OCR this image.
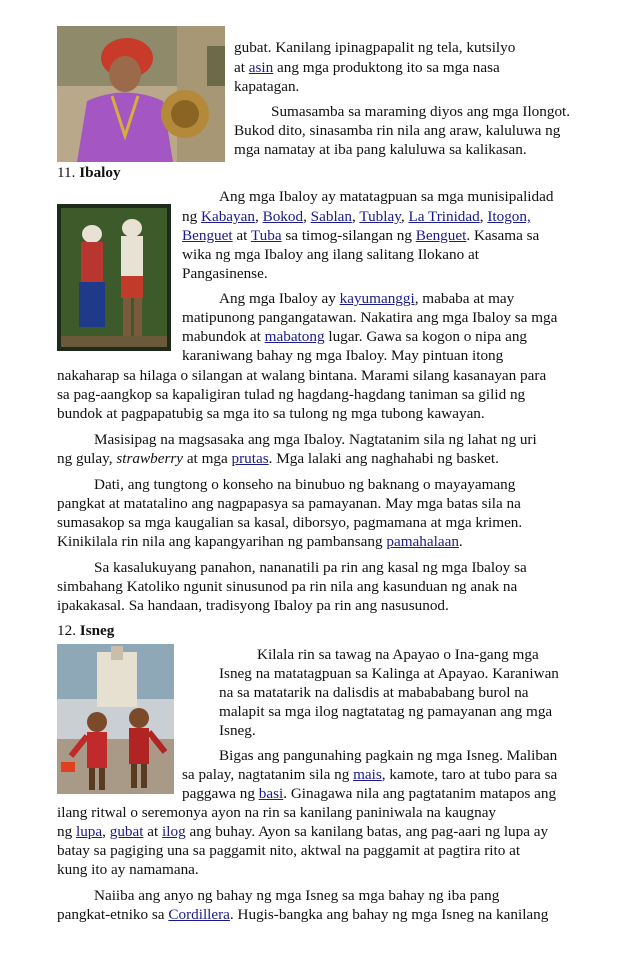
gubat. Kanilang ipinagpapalit ng tela, kutsilyo
at asin ang mga produktong ito sa mga nasa
kapatagan.
Sumasamba sa maraming diyos ang mga Ilongot.
Bukod dito, sinasamba rin nila ang araw, kaluluwa ng
mga namatay at iba pang kaluluwa sa kalikasan.
11. Ibaloy
Ang mga Ibaloy ay matatagpuan sa mga munisipalidad
ng Kabayan, Bokod, Sablan, Tublay, La Trinidad, Itogon,
Benguet at Tuba sa timog-silangan ng Benguet. Kasama sa
wika ng mga Ibaloy ang ilang salitang Ilokano at
Pangasinense.
Ang mga Ibaloy ay kayumanggi, mababa at may
matipunong pangangatawan. Nakatira ang mga Ibaloy sa mga
mabundok at mabatong lugar. Gawa sa kogon o nipa ang
karaniwang bahay ng mga Ibaloy. May pintuan itong
nakaharap sa hilaga o silangan at walang bintana. Marami silang kasanayan para
sa pag-aangkop sa kapaligiran tulad ng hagdang-hagdang taniman sa gilid ng
bundok at pagpapatubig sa mga ito sa tulong ng mga tubong kawayan.
Masisipag na magsasaka ang mga Ibaloy. Nagtatanim sila ng lahat ng uri
ng gulay, strawberry at mga prutas. Mga lalaki ang naghahabi ng basket.
Dati, ang tungtong o konseho na binubuo ng baknang o mayayamang
pangkat at matatalino ang nagpapasya sa pamayanan. May mga batas sila na
sumasakop sa mga kaugalian sa kasal, diborsyo, pagmamana at mga krimen.
Kinikilala rin nila ang kapangyarihan ng pambansang pamahalaan.
Sa kasalukuyang panahon, nananatili pa rin ang kasal ng mga Ibaloy sa
simbahang Katoliko ngunit sinusunod pa rin nila ang kasunduan ng anak na
ipakakasal. Sa handaan, tradisyong Ibaloy pa rin ang nasusunod.
12. Isneg
Kilala rin sa tawag na Apayao o Ina-gang mga
Isneg na matatagpuan sa Kalinga at Apayao. Karaniwan
na sa matatarik na dalisdis at mabababang burol na
malapit sa mga ilog nagtatatag ng pamayanan ang mga
Isneg.
Bigas ang pangunahing pagkain ng mga Isneg. Maliban
sa palay, nagtatanim sila ng mais, kamote, taro at tubo para sa
paggawa ng basi. Ginagawa nila ang pagtatanim matapos ang
ilang ritwal o seremonya ayon na rin sa kanilang paniniwala na kaugnay
ng lupa, gubat at ilog ang buhay. Ayon sa kanilang batas, ang pag-aari ng lupa ay
batay sa pagiging una sa paggamit nito, aktwal na paggamit at pagtira rito at
kung ito ay namamana.
Naiiba ang anyo ng bahay ng mga Isneg sa mga bahay ng iba pang
pangkat-etniko sa Cordillera. Hugis-bangka ang bahay ng mga Isneg na kanilang
